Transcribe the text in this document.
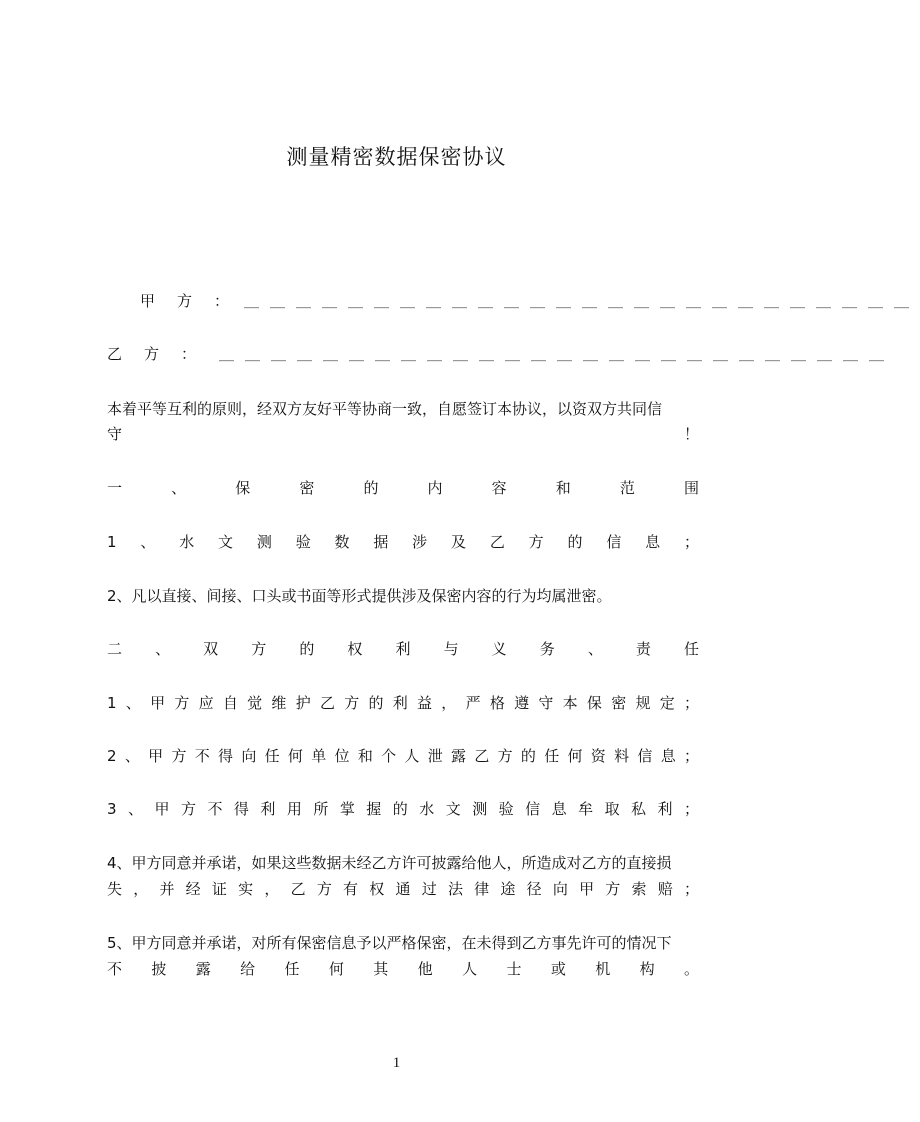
测量精密数据保密协议
甲方：
＿＿＿＿＿＿＿＿＿＿＿＿＿＿＿＿＿＿＿＿＿＿＿＿＿＿
乙方： ＿＿＿＿＿＿＿＿＿＿＿＿＿＿＿＿＿＿＿＿＿＿＿＿＿＿
本着平等互利的原则，经双方友好平等协商一致，自愿签订本协议，以资双方共同信
守	！
一、保密的内容和范围
1、水文测验数据涉及乙方的信息；
2、凡以直接、间接、口头或书面等形式提供涉及保密内容的行为均属泄密。
二、双方的权利与义务、责任
1、甲方应自觉维护乙方的利益，严格遵守本保密规定；
2、甲方不得向任何单位和个人泄露乙方的任何资料信息；
3、甲方不得利用所掌握的水文测验信息牟取私利；
4、甲方同意并承诺，如果这些数据未经乙方许可披露给他人，所造成对乙方的直接损
失，并经证实，乙方有权通过法律途径向甲方索赔；
5、甲方同意并承诺，对所有保密信息予以严格保密，在未得到乙方事先许可的情况下
不披露给任何其他人士或机构。
1
